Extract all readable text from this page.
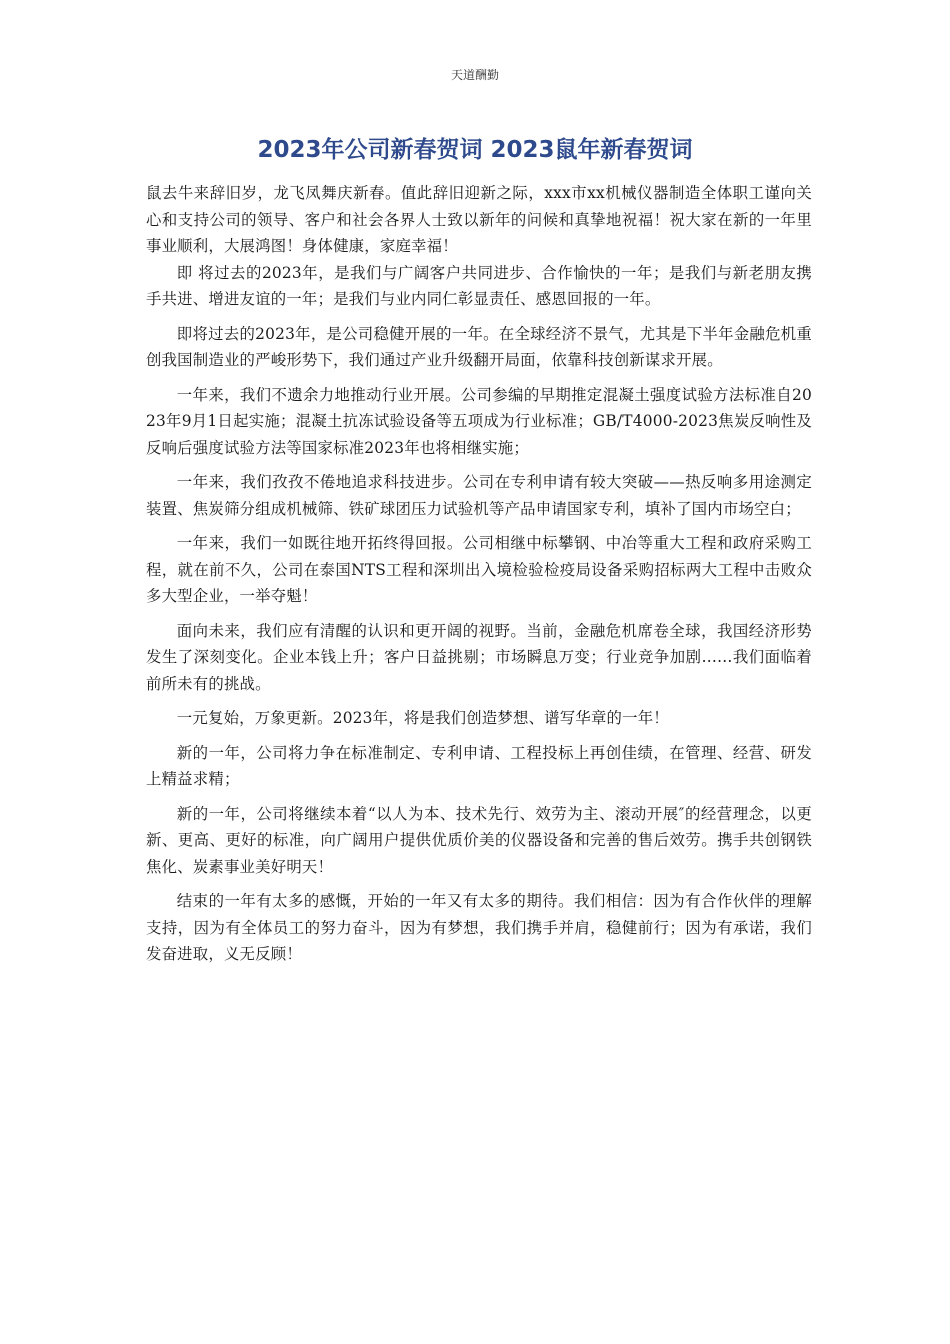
天道酬勤
2023年公司新春贺词 2023鼠年新春贺词

鼠去牛来辞旧岁，龙飞凤舞庆新春。值此辞旧迎新之际，xxx市xx机械仪器制造全体职工谨向关心和支持公司的领导、客户和社会各界人士致以新年的问候和真挚地祝福！祝大家在新的一年里事业顺利，大展鸿图！身体健康，家庭幸福！

即 将过去的2023年，是我们与广阔客户共同进步、合作愉快的一年；是我们与新老朋友携手共进、增进友谊的一年；是我们与业内同仁彰显责任、感恩回报的一年。

即将过去的2023年，是公司稳健开展的一年。在全球经济不景气，尤其是下半年金融危机重创我国制造业的严峻形势下，我们通过产业升级翻开局面，依靠科技创新谋求开展。

一年来，我们不遗余力地推动行业开展。公司参编的早期推定混凝土强度试验方法标准自2023年9月1日起实施；混凝土抗冻试验设备等五项成为行业标准；GB/T4000-2023焦炭反响性及反响后强度试验方法等国家标准2023年也将相继实施；

一年来，我们孜孜不倦地追求科技进步。公司在专利申请有较大突破——热反响多用途测定装置、焦炭筛分组成机械筛、铁矿球团压力试验机等产品申请国家专利，填补了国内市场空白；

一年来，我们一如既往地开拓终得回报。公司相继中标攀钢、中冶等重大工程和政府采购工程，就在前不久，公司在泰国NTS工程和深圳出入境检验检疫局设备采购招标两大工程中击败众多大型企业，一举夺魁！

面向未来，我们应有清醒的认识和更开阔的视野。当前，金融危机席卷全球，我国经济形势发生了深刻变化。企业本钱上升；客户日益挑剔；市场瞬息万变；行业竞争加剧……我们面临着前所未有的挑战。

一元复始，万象更新。2023年，将是我们创造梦想、谱写华章的一年！

新的一年，公司将力争在标准制定、专利申请、工程投标上再创佳绩，在管理、经营、研发上精益求精；

新的一年，公司将继续本着“以人为本、技术先行、效劳为主、滚动开展″的经营理念，以更新、更高、更好的标准，向广阔用户提供优质价美的仪器设备和完善的售后效劳。携手共创钢铁焦化、炭素事业美好明天！

结束的一年有太多的感慨，开始的一年又有太多的期待。我们相信：因为有合作伙伴的理解支持，因为有全体员工的努力奋斗，因为有梦想，我们携手并肩，稳健前行；因为有承诺，我们发奋进取，义无反顾！
